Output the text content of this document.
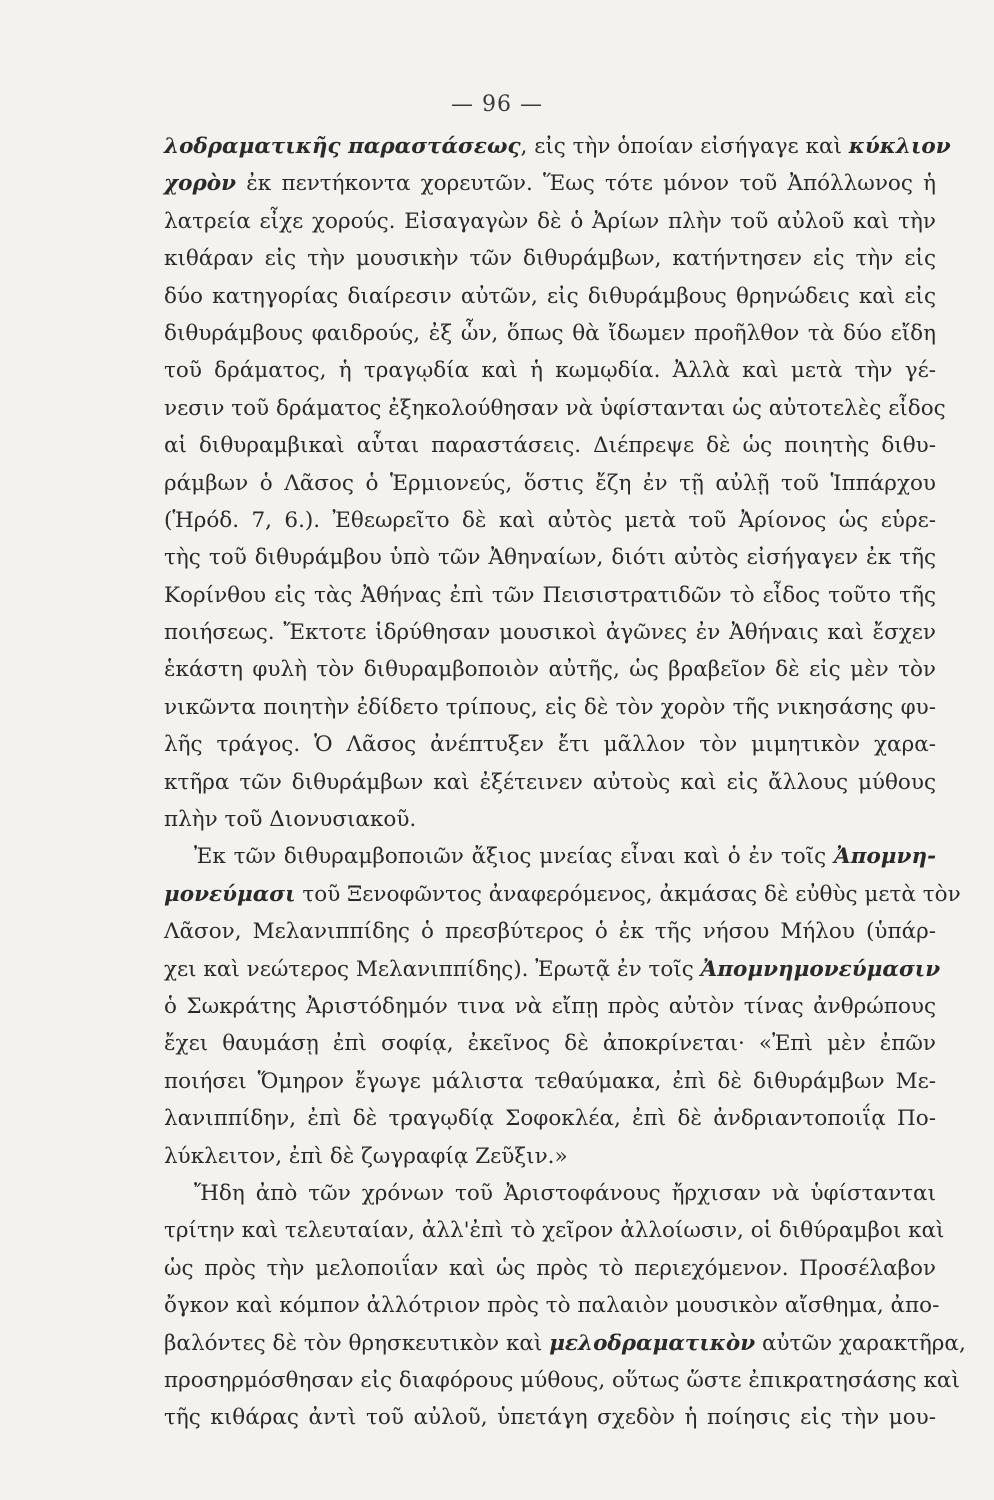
— 96 —
λοδραματικῆς παραστάσεως, εἰς τὴν ὁποίαν εἰσήγαγε καὶ κύκλιον
χορὸν ἐκ πεντήκοντα χορευτῶν. Ἕως τότε μόνον τοῦ Ἀπόλλωνος ἡ
λατρεία εἶχε χορούς. Εἰσαγαγὼν δὲ ὁ Ἀρίων πλὴν τοῦ αὐλοῦ καὶ τὴν
κιθάραν εἰς τὴν μουσικὴν τῶν διθυράμβων, κατήντησεν εἰς τὴν εἰς
δύο κατηγορίας διαίρεσιν αὐτῶν, εἰς διθυράμβους θρηνώδεις καὶ εἰς
διθυράμβους φαιδρούς, ἐξ ὧν, ὅπως θὰ ἴδωμεν προῆλθον τὰ δύο εἴδη
τοῦ δράματος, ἡ τραγῳδία καὶ ἡ κωμῳδία. Ἀλλὰ καὶ μετὰ τὴν γέ-
νεσιν τοῦ δράματος ἐξηκολούθησαν νὰ ὑφίστανται ὡς αὐτοτελὲς εἶδος
αἱ διθυραμβικαὶ αὗται παραστάσεις. Διέπρεψε δὲ ὡς ποιητὴς διθυ-
ράμβων ὁ Λᾶσος ὁ Ἑρμιονεύς, ὅστις ἔζη ἐν τῇ αὐλῇ τοῦ Ἱππάρχου
(Ἡρόδ. 7, 6.). Ἐθεωρεῖτο δὲ καὶ αὐτὸς μετὰ τοῦ Ἀρίονος ὡς εὑρε-
τὴς τοῦ διθυράμβου ὑπὸ τῶν Ἀθηναίων, διότι αὐτὸς εἰσήγαγεν ἐκ τῆς
Κορίνθου εἰς τὰς Ἀθήνας ἐπὶ τῶν Πεισιστρατιδῶν τὸ εἶδος τοῦτο τῆς
ποιήσεως. Ἔκτοτε ἱδρύθησαν μουσικοὶ ἀγῶνες ἐν Ἀθήναις καὶ ἔσχεν
ἑκάστη φυλὴ τὸν διθυραμβοποιὸν αὐτῆς, ὡς βραβεῖον δὲ εἰς μὲν τὸν
νικῶντα ποιητὴν ἐδίδετο τρίπους, εἰς δὲ τὸν χορὸν τῆς νικησάσης φυ-
λῆς τράγος. Ὁ Λᾶσος ἀνέπτυξεν ἔτι μᾶλλον τὸν μιμητικὸν χαρα-
κτῆρα τῶν διθυράμβων καὶ ἐξέτεινεν αὐτοὺς καὶ εἰς ἄλλους μύθους
πλὴν τοῦ Διονυσιακοῦ.
Ἐκ τῶν διθυραμβοποιῶν ἄξιος μνείας εἶναι καὶ ὁ ἐν τοῖς Ἀπομνη-
μονεύμασι τοῦ Ξενοφῶντος ἀναφερόμενος, ἀκμάσας δὲ εὐθὺς μετὰ τὸν
Λᾶσον, Μελανιππίδης ὁ πρεσβύτερος ὁ ἐκ τῆς νήσου Μήλου (ὑπάρ-
χει καὶ νεώτερος Μελανιππίδης). Ἐρωτᾷ ἐν τοῖς Ἀπομνημονεύμασιν
ὁ Σωκράτης Ἀριστόδημόν τινα νὰ εἴπῃ πρὸς αὐτὸν τίνας ἀνθρώπους
ἔχει θαυμάσῃ ἐπὶ σοφίᾳ, ἐκεῖνος δὲ ἀποκρίνεται· «Ἐπὶ μὲν ἐπῶν
ποιήσει Ὅμηρον ἔγωγε μάλιστα τεθαύμακα, ἐπὶ δὲ διθυράμβων Με-
λανιππίδην, ἐπὶ δὲ τραγῳδίᾳ Σοφοκλέα, ἐπὶ δὲ ἀνδριαντοποιΐᾳ Πο-
λύκλειτον, ἐπὶ δὲ ζωγραφίᾳ Ζεῦξιν.»
Ἤδη ἀπὸ τῶν χρόνων τοῦ Ἀριστοφάνους ἤρχισαν νὰ ὑφίστανται
τρίτην καὶ τελευταίαν, ἀλλ'ἐπὶ τὸ χεῖρον ἀλλοίωσιν, οἱ διθύραμβοι καὶ
ὡς πρὸς τὴν μελοποιΐαν καὶ ὡς πρὸς τὸ περιεχόμενον. Προσέλαβον
ὄγκον καὶ κόμπον ἀλλότριον πρὸς τὸ παλαιὸν μουσικὸν αἴσθημα, ἀπο-
βαλόντες δὲ τὸν θρησκευτικὸν καὶ μελοδραματικὸν αὐτῶν χαρακτῆρα,
προσηρμόσθησαν εἰς διαφόρους μύθους, οὕτως ὥστε ἐπικρατησάσης καὶ
τῆς κιθάρας ἀντὶ τοῦ αὐλοῦ, ὑπετάγη σχεδὸν ἡ ποίησις εἰς τὴν μου-
